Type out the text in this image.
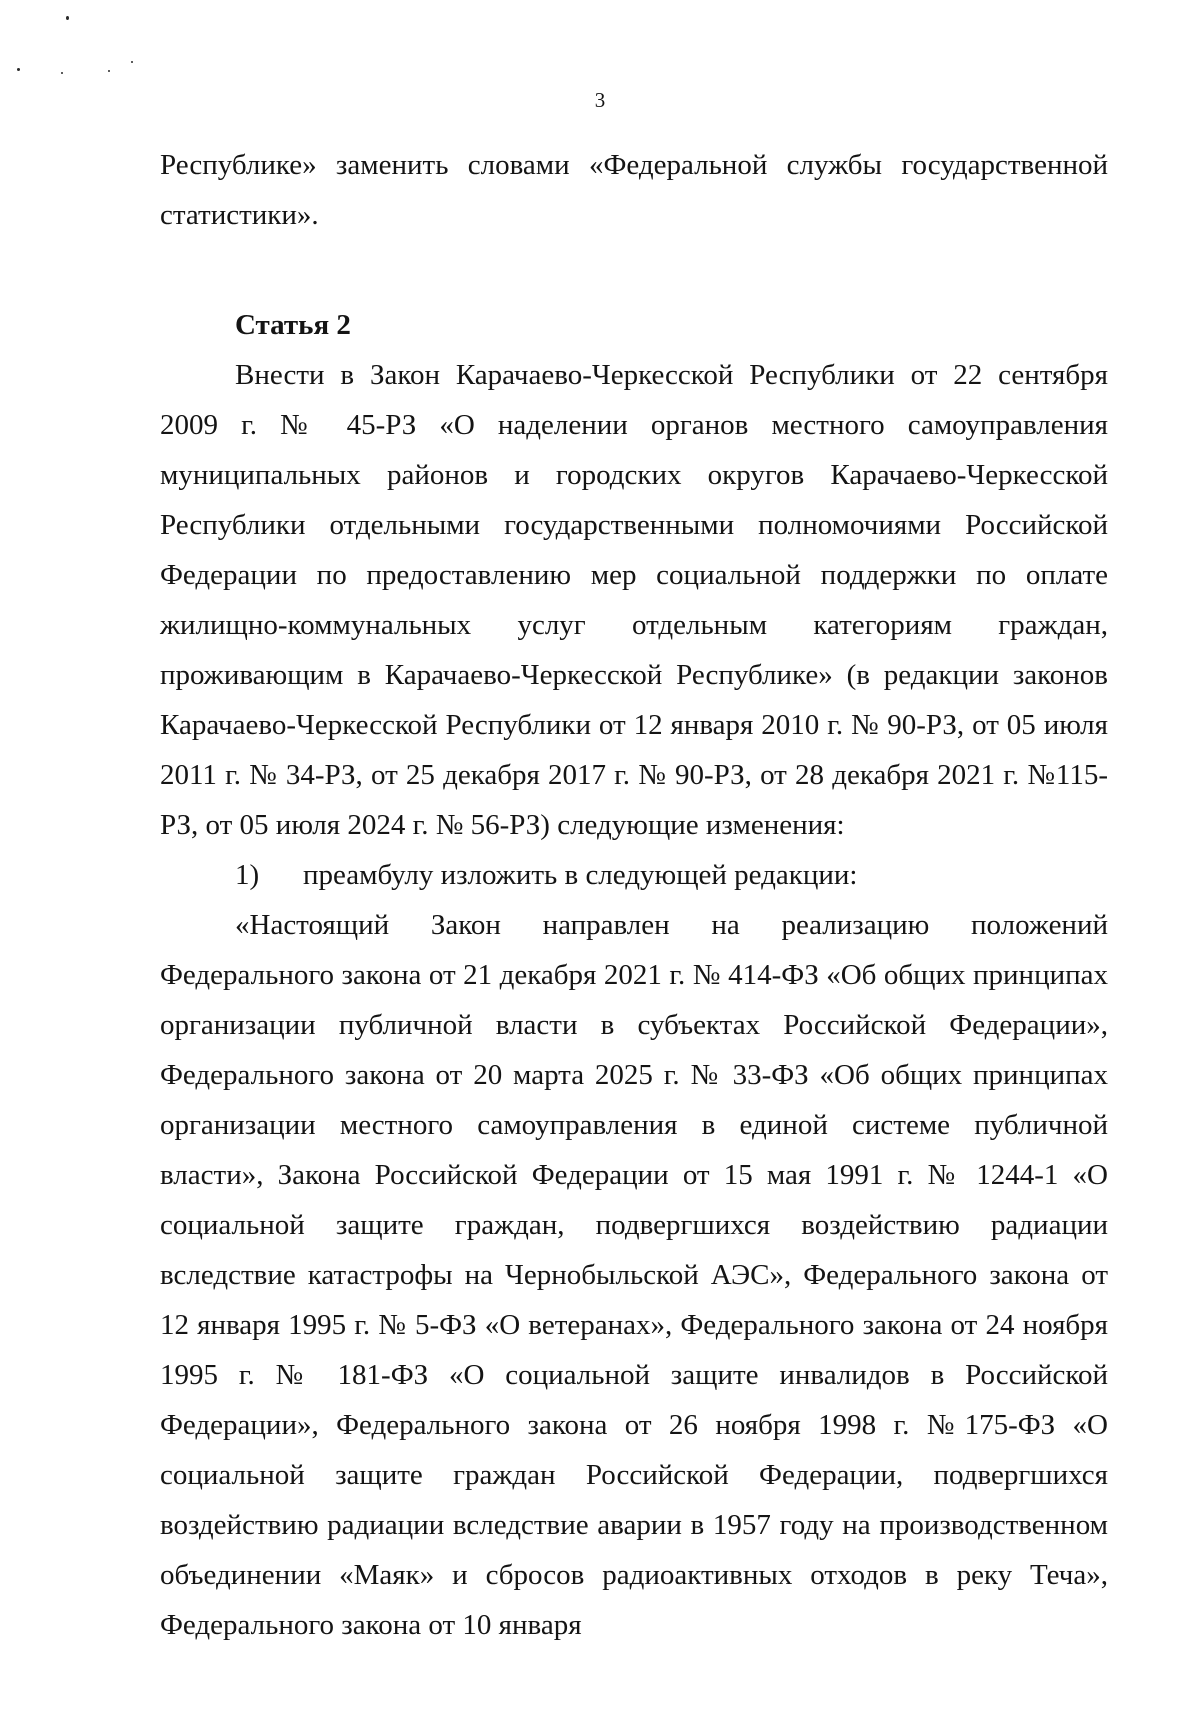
3

Республике» заменить словами «Федеральной службы государственной статистики».

Статья 2

Внести в Закон Карачаево-Черкесской Республики от 22 сентября 2009 г. № 45-РЗ «О наделении органов местного самоуправления муниципальных районов и городских округов Карачаево-Черкесской Республики отдельными государственными полномочиями Российской Федерации по предоставлению мер социальной поддержки по оплате жилищно-коммунальных услуг отдельным категориям граждан, проживающим в Карачаево-Черкесской Республике» (в редакции законов Карачаево-Черкесской Республики от 12 января 2010 г. № 90-РЗ, от 05 июля 2011 г. № 34-РЗ, от 25 декабря 2017 г. № 90-РЗ, от 28 декабря 2021 г. №115-РЗ, от 05 июля 2024 г. № 56-РЗ) следующие изменения:

1)	преамбулу изложить в следующей редакции:

«Настоящий Закон направлен на реализацию положений Федерального закона от 21 декабря 2021 г. № 414-ФЗ «Об общих принципах организации публичной власти в субъектах Российской Федерации», Федерального закона от 20 марта 2025 г. № 33-ФЗ «Об общих принципах организации местного самоуправления в единой системе публичной власти», Закона Российской Федерации от 15 мая 1991 г. № 1244-1 «О социальной защите граждан, подвергшихся воздействию радиации вследствие катастрофы на Чернобыльской АЭС», Федерального закона от 12 января 1995 г. № 5-ФЗ «О ветеранах», Федерального закона от 24 ноября 1995 г. № 181-ФЗ «О социальной защите инвалидов в Российской Федерации», Федерального закона от 26 ноября 1998 г. №175-ФЗ «О социальной защите граждан Российской Федерации, подвергшихся воздействию радиации вследствие аварии в 1957 году на производственном объединении «Маяк» и сбросов радиоактивных отходов в реку Теча», Федерального закона от 10 января
